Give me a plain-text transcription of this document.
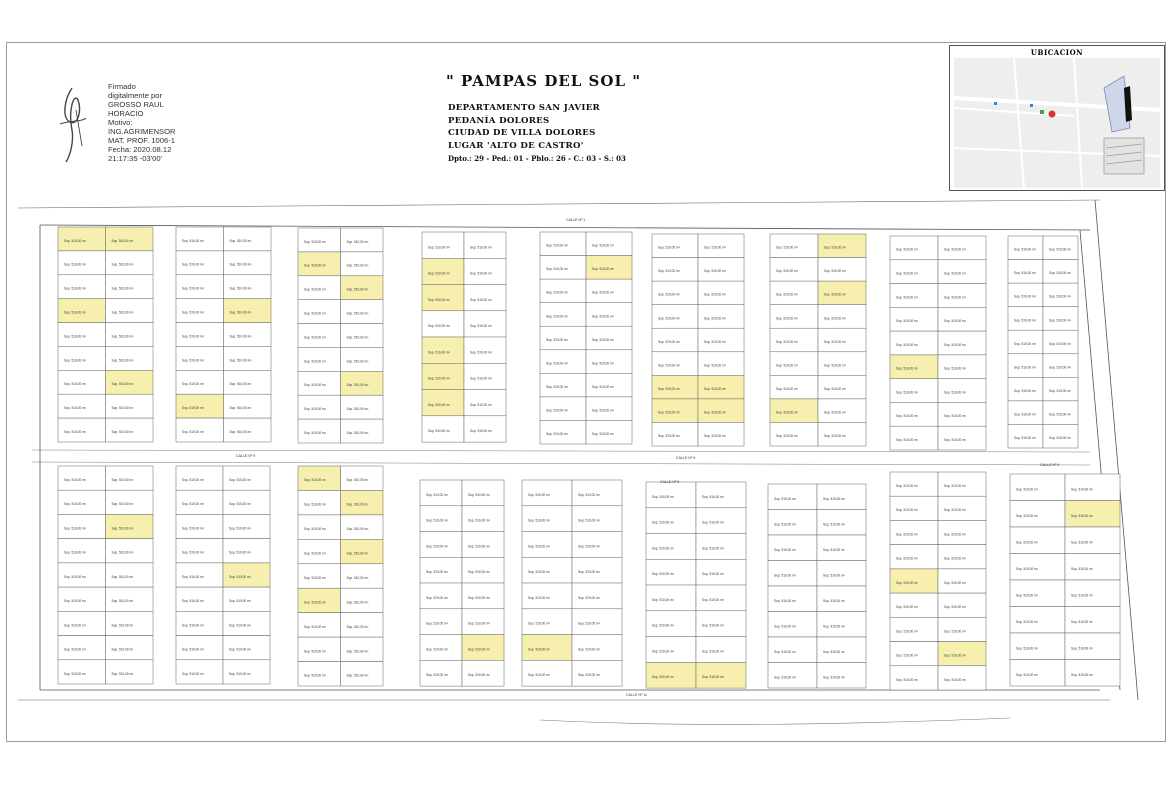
Firmado
digitalmente por
GROSSO RAUL
HORACIO
Motivo:
ING.AGRIMENSOR
MAT. PROF. 1006-1
Fecha: 2020.08.12
21:17:35 -03'00'
" PAMPAS DEL SOL "
DEPARTAMENTO SAN JAVIER
PEDANÍA DOLORES
CIUDAD DE VILLA DOLORES
LUGAR 'ALTO DE CASTRO'
Dpto.: 29 - Ped.: 01 - Pblo.: 26 - C.: 03 - S.: 03
UBICACION
Sup. 510,00 m²	Sup. 510,00 m²
Sup. 510,00 m²	Sup. 510,00 m²
Sup. 510,00 m²	Sup. 510,00 m²
Sup. 510,00 m²	Sup. 510,00 m²
Sup. 510,00 m²	Sup. 510,00 m²
Sup. 510,00 m²	Sup. 510,00 m²
Sup. 510,00 m²	Sup. 510,00 m²
Sup. 510,00 m²	Sup. 510,00 m²
Sup. 510,00 m²	Sup. 510,00 m²
Sup. 510,00 m²	Sup. 510,00 m²
Sup. 510,00 m²	Sup. 510,00 m²
Sup. 510,00 m²	Sup. 510,00 m²
Sup. 510,00 m²	Sup. 510,00 m²
Sup. 510,00 m²	Sup. 510,00 m²
Sup. 510,00 m²	Sup. 510,00 m²
Sup. 510,00 m²	Sup. 510,00 m²
Sup. 510,00 m²	Sup. 510,00 m²
Sup. 510,00 m²	Sup. 510,00 m²
Sup. 510,00 m²	Sup. 510,00 m²
Sup. 510,00 m²	Sup. 510,00 m²
Sup. 510,00 m²	Sup. 510,00 m²
Sup. 510,00 m²	Sup. 510,00 m²
Sup. 510,00 m²	Sup. 510,00 m²
Sup. 510,00 m²	Sup. 510,00 m²
Sup. 510,00 m²	Sup. 510,00 m²
Sup. 510,00 m²	Sup. 510,00 m²
Sup. 510,00 m²	Sup. 510,00 m²
Sup. 510,00 m²	Sup. 510,00 m²
Sup. 510,00 m²	Sup. 510,00 m²
Sup. 510,00 m²	Sup. 510,00 m²
Sup. 510,00 m²	Sup. 510,00 m²
Sup. 510,00 m²	Sup. 510,00 m²
Sup. 510,00 m²	Sup. 510,00 m²
Sup. 510,00 m²	Sup. 510,00 m²
Sup. 510,00 m²	Sup. 510,00 m²
Sup. 510,00 m²	Sup. 510,00 m²
Sup. 510,00 m²	Sup. 510,00 m²
Sup. 510,00 m²	Sup. 510,00 m²
Sup. 510,00 m²	Sup. 510,00 m²
Sup. 510,00 m²	Sup. 510,00 m²
Sup. 510,00 m²	Sup. 510,00 m²
Sup. 510,00 m²	Sup. 510,00 m²
Sup. 510,00 m²	Sup. 510,00 m²
Sup. 510,00 m²	Sup. 510,00 m²
Sup. 510,00 m²	Sup. 510,00 m²
Sup. 510,00 m²	Sup. 510,00 m²
Sup. 510,00 m²	Sup. 510,00 m²
Sup. 510,00 m²	Sup. 510,00 m²
Sup. 510,00 m²	Sup. 510,00 m²
Sup. 510,00 m²	Sup. 510,00 m²
Sup. 510,00 m²	Sup. 510,00 m²
Sup. 510,00 m²	Sup. 510,00 m²
Sup. 510,00 m²	Sup. 510,00 m²
Sup. 510,00 m²	Sup. 510,00 m²
Sup. 510,00 m²	Sup. 510,00 m²
Sup. 510,00 m²	Sup. 510,00 m²
Sup. 510,00 m²	Sup. 510,00 m²
Sup. 510,00 m²	Sup. 510,00 m²
Sup. 510,00 m²	Sup. 510,00 m²
Sup. 510,00 m²	Sup. 510,00 m²
Sup. 510,00 m²	Sup. 510,00 m²
Sup. 510,00 m²	Sup. 510,00 m²
Sup. 510,00 m²	Sup. 510,00 m²
Sup. 510,00 m²	Sup. 510,00 m²
Sup. 510,00 m²	Sup. 510,00 m²
Sup. 510,00 m²	Sup. 510,00 m²
Sup. 510,00 m²	Sup. 510,00 m²
Sup. 510,00 m²	Sup. 510,00 m²
Sup. 510,00 m²	Sup. 510,00 m²
Sup. 510,00 m²	Sup. 510,00 m²
Sup. 510,00 m²	Sup. 510,00 m²
Sup. 510,00 m²	Sup. 510,00 m²
Sup. 510,00 m²	Sup. 510,00 m²
Sup. 510,00 m²	Sup. 510,00 m²
Sup. 510,00 m²	Sup. 510,00 m²
Sup. 510,00 m²	Sup. 510,00 m²
Sup. 510,00 m²	Sup. 510,00 m²
Sup. 510,00 m²	Sup. 510,00 m²
Sup. 510,00 m²	Sup. 510,00 m²
Sup. 510,00 m²	Sup. 510,00 m²
Sup. 510,00 m²	Sup. 510,00 m²
Sup. 510,00 m²	Sup. 510,00 m²
Sup. 510,00 m²	Sup. 510,00 m²
Sup. 510,00 m²	Sup. 510,00 m²
Sup. 510,00 m²	Sup. 510,00 m²
Sup. 510,00 m²	Sup. 510,00 m²
Sup. 510,00 m²	Sup. 510,00 m²
Sup. 510,00 m²	Sup. 510,00 m²
Sup. 510,00 m²	Sup. 510,00 m²
Sup. 510,00 m²	Sup. 510,00 m²
Sup. 510,00 m²	Sup. 510,00 m²
Sup. 510,00 m²	Sup. 510,00 m²
Sup. 510,00 m²	Sup. 510,00 m²
Sup. 510,00 m²	Sup. 510,00 m²
Sup. 510,00 m²	Sup. 510,00 m²
Sup. 510,00 m²	Sup. 510,00 m²
Sup. 510,00 m²	Sup. 510,00 m²
Sup. 510,00 m²	Sup. 510,00 m²
Sup. 510,00 m²	Sup. 510,00 m²
Sup. 510,00 m²	Sup. 510,00 m²
Sup. 510,00 m²	Sup. 510,00 m²
Sup. 510,00 m²	Sup. 510,00 m²
Sup. 510,00 m²	Sup. 510,00 m²
Sup. 510,00 m²	Sup. 510,00 m²
Sup. 510,00 m²	Sup. 510,00 m²
Sup. 510,00 m²	Sup. 510,00 m²
Sup. 510,00 m²	Sup. 510,00 m²
Sup. 510,00 m²	Sup. 510,00 m²
Sup. 510,00 m²	Sup. 510,00 m²
Sup. 510,00 m²	Sup. 510,00 m²
Sup. 510,00 m²	Sup. 510,00 m²
Sup. 510,00 m²	Sup. 510,00 m²
Sup. 510,00 m²	Sup. 510,00 m²
Sup. 510,00 m²	Sup. 510,00 m²
Sup. 510,00 m²	Sup. 510,00 m²
Sup. 510,00 m²	Sup. 510,00 m²
Sup. 510,00 m²	Sup. 510,00 m²
Sup. 510,00 m²	Sup. 510,00 m²
Sup. 510,00 m²	Sup. 510,00 m²
Sup. 510,00 m²	Sup. 510,00 m²
Sup. 510,00 m²	Sup. 510,00 m²
Sup. 510,00 m²	Sup. 510,00 m²
Sup. 510,00 m²	Sup. 510,00 m²
Sup. 510,00 m²	Sup. 510,00 m²
Sup. 510,00 m²	Sup. 510,00 m²
Sup. 510,00 m²	Sup. 510,00 m²
Sup. 510,00 m²	Sup. 510,00 m²
Sup. 510,00 m²	Sup. 510,00 m²
Sup. 510,00 m²	Sup. 510,00 m²
Sup. 510,00 m²	Sup. 510,00 m²
Sup. 510,00 m²	Sup. 510,00 m²
Sup. 510,00 m²	Sup. 510,00 m²
Sup. 510,00 m²	Sup. 510,00 m²
Sup. 510,00 m²	Sup. 510,00 m²
Sup. 510,00 m²	Sup. 510,00 m²
Sup. 510,00 m²	Sup. 510,00 m²
Sup. 510,00 m²	Sup. 510,00 m²
Sup. 510,00 m²	Sup. 510,00 m²
Sup. 510,00 m²	Sup. 510,00 m²
Sup. 510,00 m²	Sup. 510,00 m²
Sup. 510,00 m²	Sup. 510,00 m²
Sup. 510,00 m²	Sup. 510,00 m²
Sup. 510,00 m²	Sup. 510,00 m²
Sup. 510,00 m²	Sup. 510,00 m²
Sup. 510,00 m²	Sup. 510,00 m²
Sup. 510,00 m²	Sup. 510,00 m²
Sup. 510,00 m²	Sup. 510,00 m²
Sup. 510,00 m²	Sup. 510,00 m²
Sup. 510,00 m²	Sup. 510,00 m²
Sup. 510,00 m²	Sup. 510,00 m²
Sup. 510,00 m²	Sup. 510,00 m²
Sup. 510,00 m²	Sup. 510,00 m²
Sup. 510,00 m²	Sup. 510,00 m²
Sup. 510,00 m²	Sup. 510,00 m²
Sup. 510,00 m²	Sup. 510,00 m²
Sup. 510,00 m²	Sup. 510,00 m²
CALLE Nº 1
CALLE Nº 9	CALLE Nº 9
CALLE Nº 11
CALLE Nº 4
CALLE Nº 5
